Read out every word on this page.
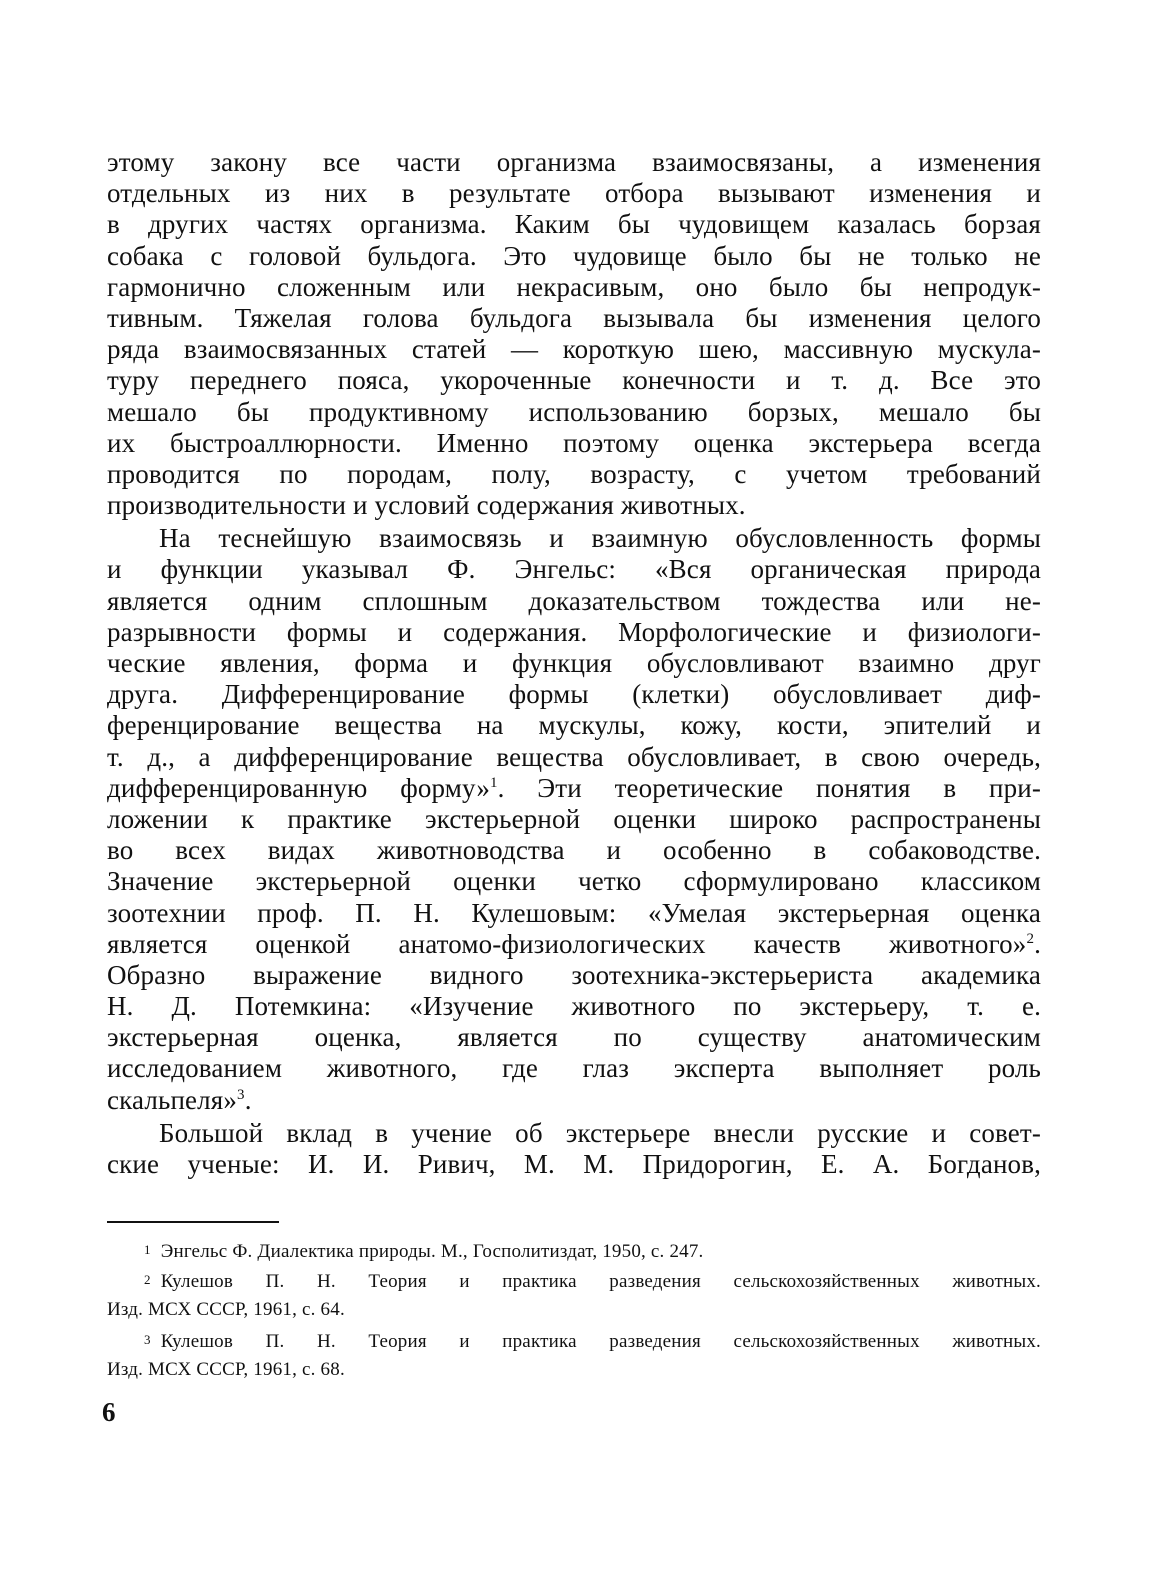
этому закону все части организма взаимосвязаны, а изменения
отдельных из них в результате отбора вызывают изменения и
в других частях организма. Каким бы чудовищем казалась борзая
собака с головой бульдога. Это чудовище было бы не только не
гармонично сложенным или некрасивым, оно было бы непродук-
тивным. Тяжелая голова бульдога вызывала бы изменения целого
ряда взаимосвязанных статей — короткую шею, массивную мускула-
туру переднего пояса, укороченные конечности и т. д. Все это
мешало бы продуктивному использованию борзых, мешало бы
их быстроаллюрности. Именно поэтому оценка экстерьера всегда
проводится по породам, полу, возрасту, с учетом требований
производительности и условий содержания животных.
На теснейшую взаимосвязь и взаимную обусловленность формы
и функции указывал Ф. Энгельс: «Вся органическая природа
является одним сплошным доказательством тождества или не-
разрывности формы и содержания. Морфологические и физиологи-
ческие явления, форма и функция обусловливают взаимно друг
друга. Дифференцирование формы (клетки) обусловливает диф-
ференцирование вещества на мускулы, кожу, кости, эпителий и
т. д., а дифференцирование вещества обусловливает, в свою очередь,
дифференцированную форму»$^1$. Эти теоретические понятия в при-
ложении к практике экстерьерной оценки широко распространены
во всех видах животноводства и особенно в собаководстве.
Значение экстерьерной оценки четко сформулировано классиком
зоотехнии проф. П. Н. Кулешовым: «Умелая экстерьерная оценка
является оценкой анатомо-физиологических качеств животного»$^2$.
Образно выражение видного зоотехника-экстерьериста академика
Н. Д. Потемкина: «Изучение животного по экстерьеру, т. е.
экстерьерная оценка, является по существу анатомическим
исследованием животного, где глаз эксперта выполняет роль
скальпеля»$^3$.
Большой вклад в учение об экстерьере внесли русские и совет-
ские ученые: И. И. Ривич, М. М. Придорогин, Е. А. Богданов,
1 Энгельс Ф. Диалектика природы. М., Госполитиздат, 1950, с. 247.
2 Кулешов П. Н. Теория и практика разведения сельскохозяйственных животных.
Изд. МСХ СССР, 1961, с. 64.
3 Кулешов П. Н. Теория и практика разведения сельскохозяйственных животных.
Изд. МСХ СССР, 1961, с. 68.
6
